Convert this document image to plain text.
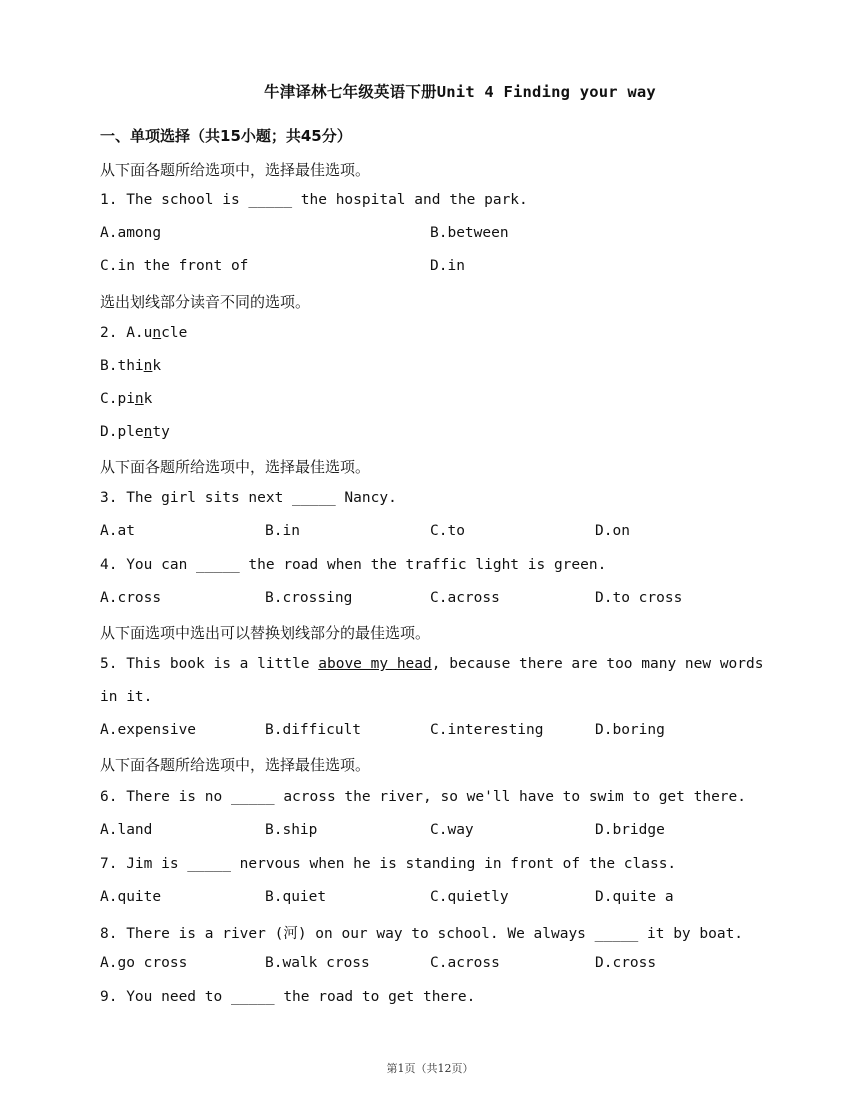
牛津译林七年级英语下册Unit 4 Finding your way
一、单项选择（共15小题；共45分）
从下面各题所给选项中，选择最佳选项。
1. The school is _____ the hospital and the park.
A.among	B.between
C.in the front of	D.in
选出划线部分读音不同的选项。
2. A.uncle
B.think
C.pink
D.plenty
从下面各题所给选项中，选择最佳选项。
3. The girl sits next _____ Nancy.
A.at	B.in	C.to	D.on
4. You can _____ the road when the traffic light is green.
A.cross	B.crossing	C.across	D.to cross
从下面选项中选出可以替换划线部分的最佳选项。
5. This book is a little above my head, because there are too many new words
in it.
A.expensive	B.difficult	C.interesting	D.boring
从下面各题所给选项中，选择最佳选项。
6. There is no _____ across the river, so we'll have to swim to get there.
A.land	B.ship	C.way	D.bridge
7. Jim is _____ nervous when he is standing in front of the class.
A.quite	B.quiet	C.quietly	D.quite a
8. There is a river (河) on our way to school. We always _____ it by boat.
A.go cross	B.walk cross	C.across	D.cross
9. You need to _____ the road to get there.
第1页（共12页）
